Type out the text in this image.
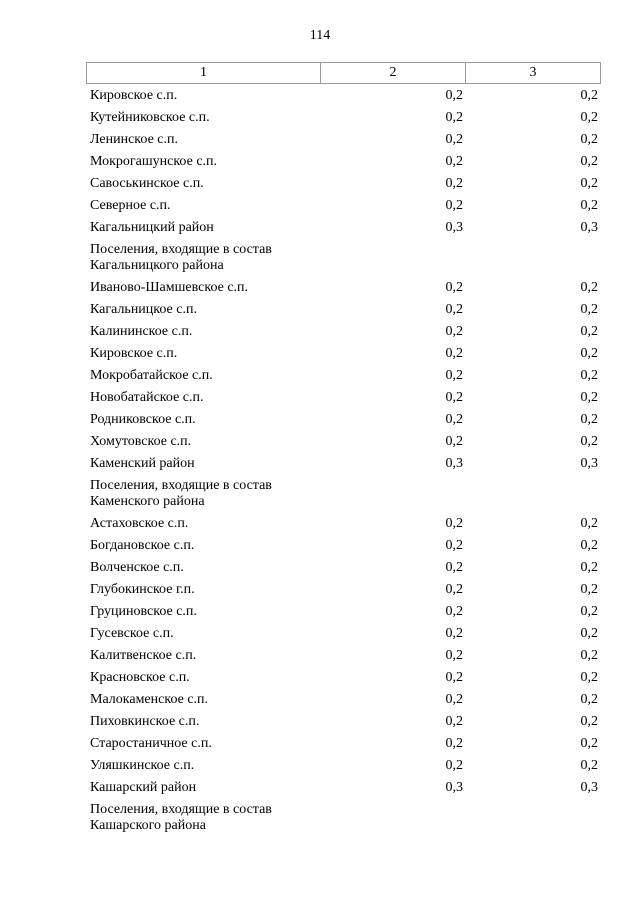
114
1	2	3
Кировское с.п.	0,2	0,2
Кутейниковское с.п.	0,2	0,2
Ленинское с.п.	0,2	0,2
Мокрогашунское с.п.	0,2	0,2
Савоськинское с.п.	0,2	0,2
Северное с.п.	0,2	0,2
Кагальницкий район	0,3	0,3
Поселения, входящие в состав Кагальницкого района		
Иваново-Шамшевское с.п.	0,2	0,2
Кагальницкое с.п.	0,2	0,2
Калининское с.п.	0,2	0,2
Кировское с.п.	0,2	0,2
Мокробатайское с.п.	0,2	0,2
Новобатайское с.п.	0,2	0,2
Родниковское с.п.	0,2	0,2
Хомутовское с.п.	0,2	0,2
Каменский район	0,3	0,3
Поселения, входящие в состав Каменского района		
Астаховское с.п.	0,2	0,2
Богдановское с.п.	0,2	0,2
Волченское с.п.	0,2	0,2
Глубокинское г.п.	0,2	0,2
Груциновское с.п.	0,2	0,2
Гусевское с.п.	0,2	0,2
Калитвенское с.п.	0,2	0,2
Красновское с.п.	0,2	0,2
Малокаменское с.п.	0,2	0,2
Пиховкинское с.п.	0,2	0,2
Старостаничное с.п.	0,2	0,2
Уляшкинское с.п.	0,2	0,2
Кашарский район	0,3	0,3
Поселения, входящие в состав Кашарского района		
